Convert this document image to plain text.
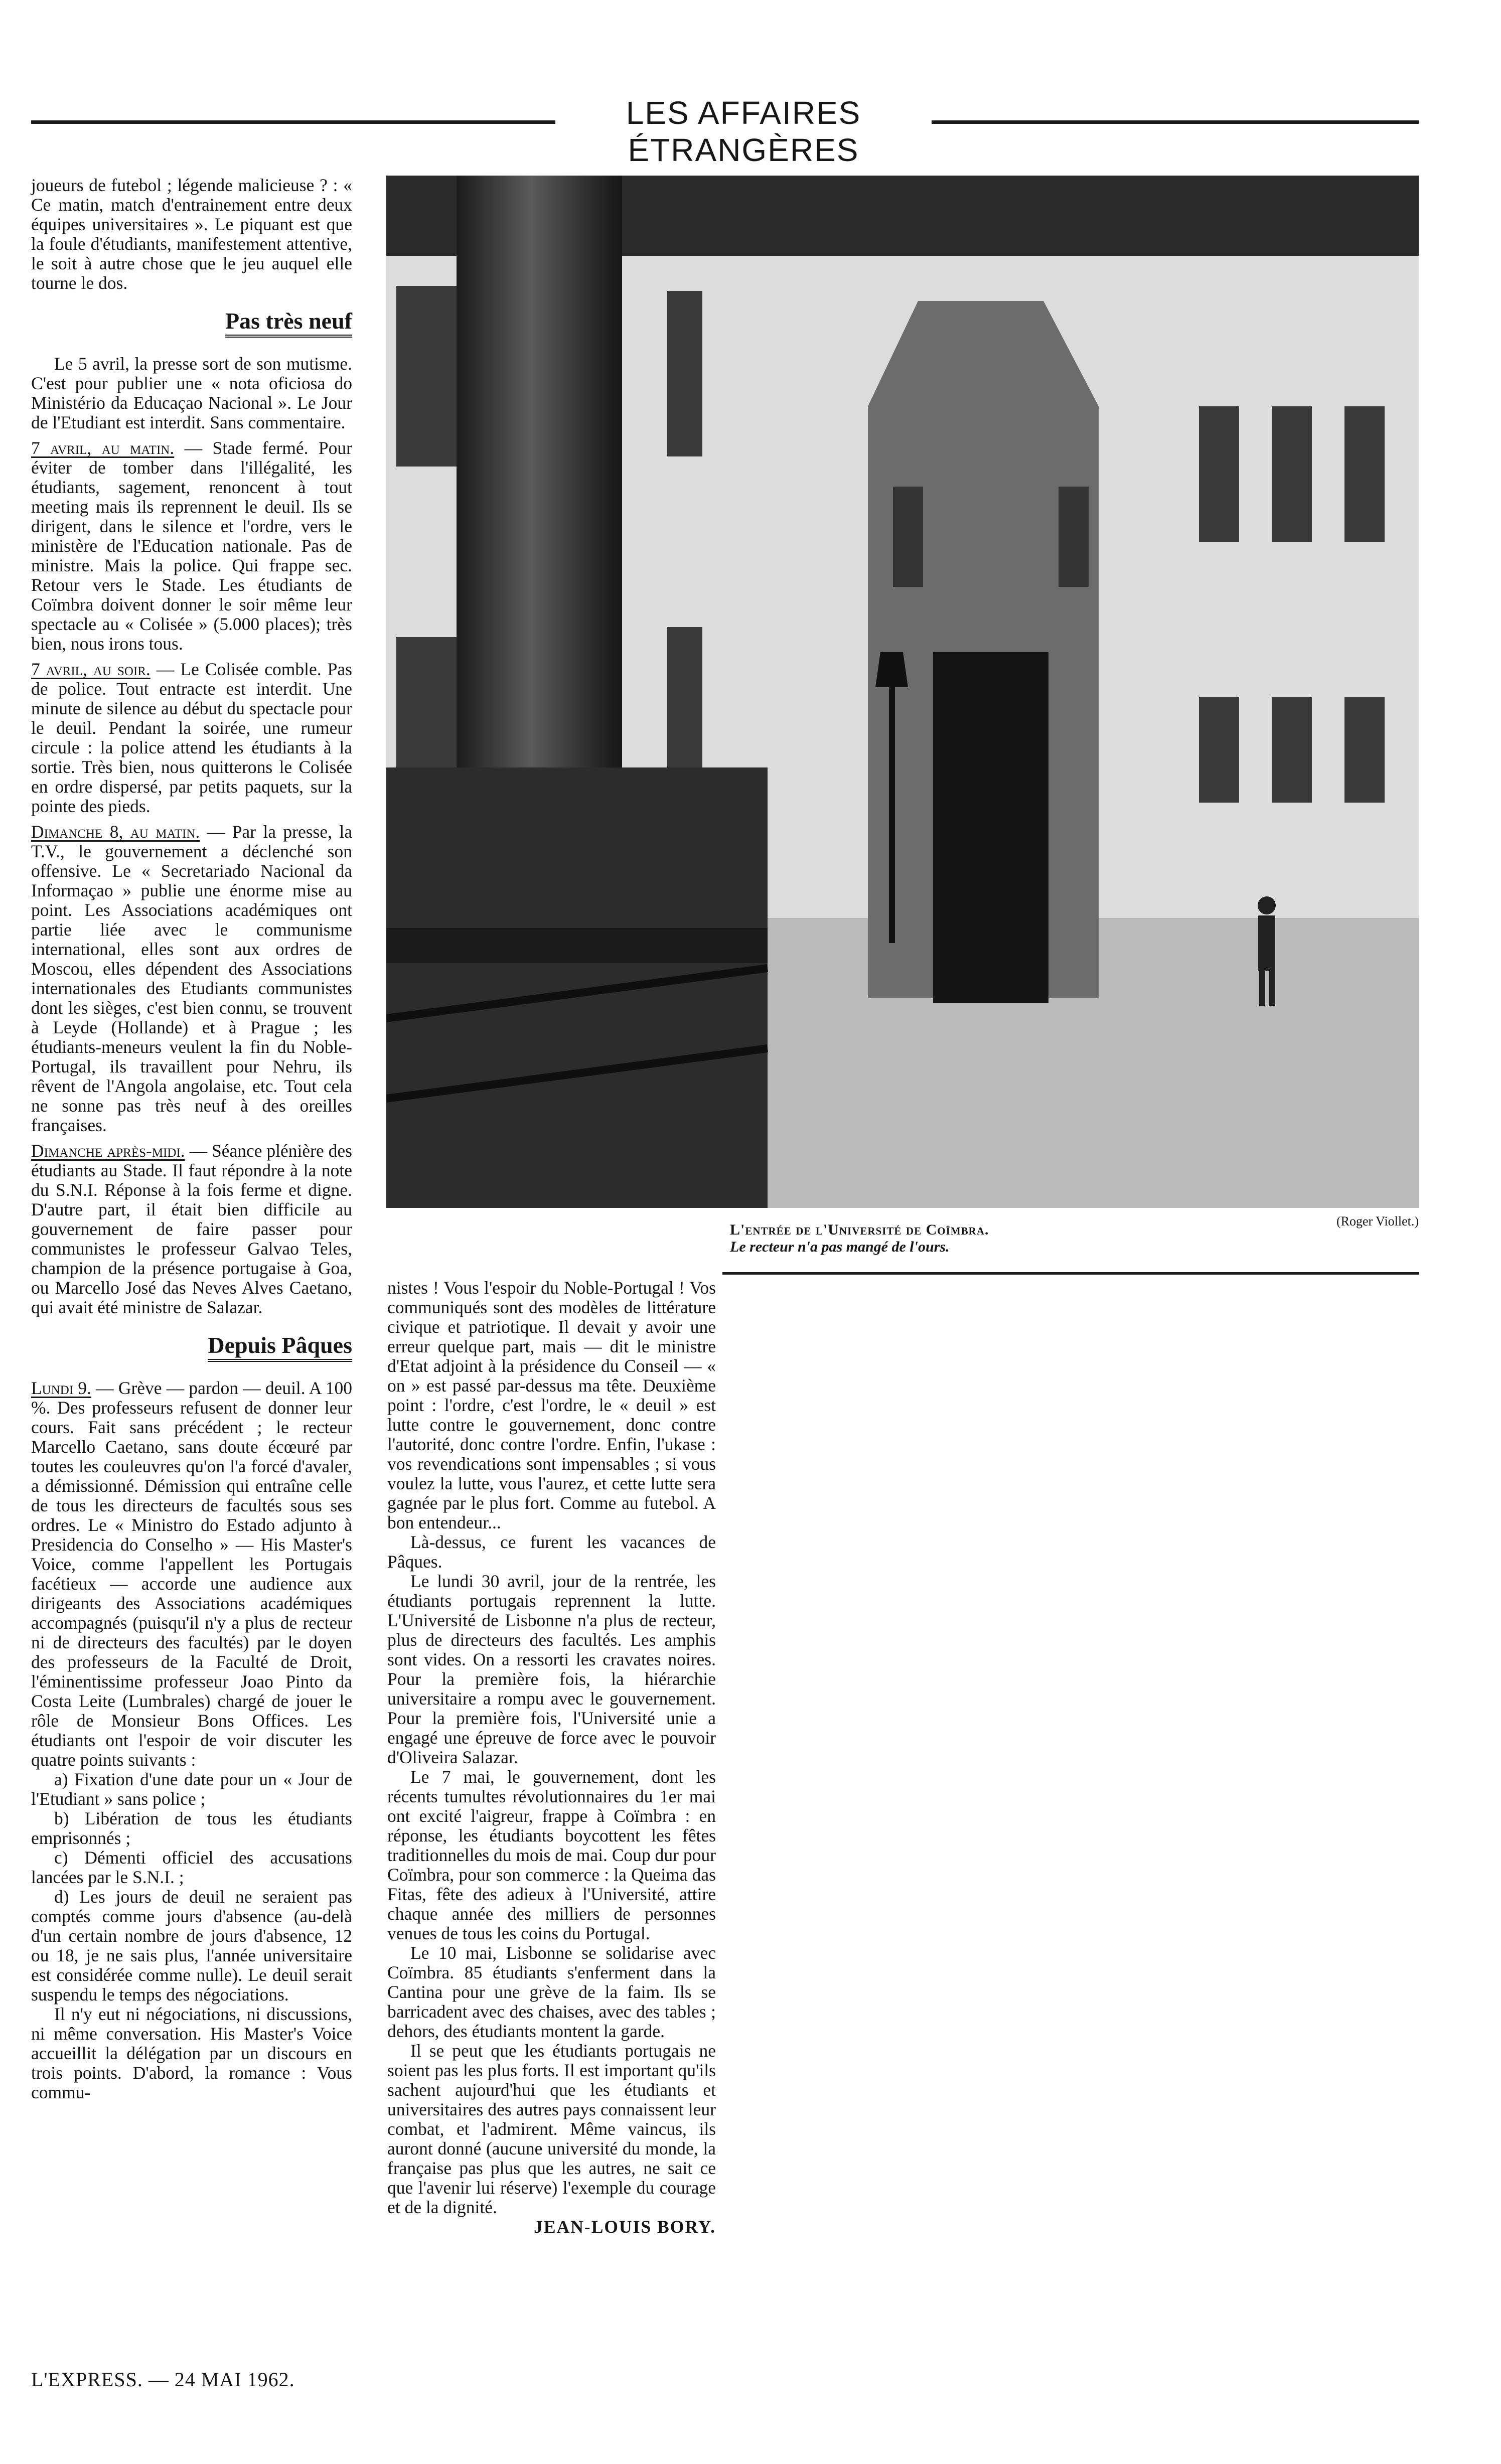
LES AFFAIRES ÉTRANGÈRES

joueurs de futebol ; légende malicieuse ? : « Ce matin, match d'entrainement entre deux équipes universitaires ». Le piquant est que la foule d'étudiants, manifestement attentive, le soit à autre chose que le jeu auquel elle tourne le dos.

Pas très neuf

Le 5 avril, la presse sort de son mutisme. C'est pour publier une « nota oficiosa do Ministério da Educaçao Nacional ». Le Jour de l'Etudiant est interdit. Sans commentaire.

7 avril, au matin. — Stade fermé. Pour éviter de tomber dans l'illégalité, les étudiants, sagement, renoncent à tout meeting mais ils reprennent le deuil. Ils se dirigent, dans le silence et l'ordre, vers le ministère de l'Education nationale. Pas de ministre. Mais la police. Qui frappe sec. Retour vers le Stade. Les étudiants de Coïmbra doivent donner le soir même leur spectacle au « Colisée » (5.000 places); très bien, nous irons tous.

7 avril, au soir. — Le Colisée comble. Pas de police. Tout entracte est interdit. Une minute de silence au début du spectacle pour le deuil. Pendant la soirée, une rumeur circule : la police attend les étudiants à la sortie. Très bien, nous quitterons le Colisée en ordre dispersé, par petits paquets, sur la pointe des pieds.

Dimanche 8, au matin. — Par la presse, la T.V., le gouvernement a déclenché son offensive. Le « Secretariado Nacional da Informaçao » publie une énorme mise au point. Les Associations académiques ont partie liée avec le communisme international, elles sont aux ordres de Moscou, elles dépendent des Associations internationales des Etudiants communistes dont les sièges, c'est bien connu, se trouvent à Leyde (Hollande) et à Prague ; les étudiants-meneurs veulent la fin du Noble-Portugal, ils travaillent pour Nehru, ils rêvent de l'Angola angolaise, etc. Tout cela ne sonne pas très neuf à des oreilles françaises.

Dimanche après-midi. — Séance plénière des étudiants au Stade. Il faut répondre à la note du S.N.I. Réponse à la fois ferme et digne. D'autre part, il était bien difficile au gouvernement de faire passer pour communistes le professeur Galvao Teles, champion de la présence portugaise à Goa, ou Marcello José das Neves Alves Caetano, qui avait été ministre de Salazar.

Depuis Pâques

Lundi 9. — Grève — pardon — deuil. A 100 %. Des professeurs refusent de donner leur cours. Fait sans précédent ; le recteur Marcello Caetano, sans doute écœuré par toutes les couleuvres qu'on l'a forcé d'avaler, a démissionné. Démission qui entraîne celle de tous les directeurs de facultés sous ses ordres. Le « Ministro do Estado adjunto à Presidencia do Conselho » — His Master's Voice, comme l'appellent les Portugais facétieux — accorde une audience aux dirigeants des Associations académiques accompagnés (puisqu'il n'y a plus de recteur ni de directeurs des facultés) par le doyen des professeurs de la Faculté de Droit, l'éminentissime professeur Joao Pinto da Costa Leite (Lumbrales) chargé de jouer le rôle de Monsieur Bons Offices. Les étudiants ont l'espoir de voir discuter les quatre points suivants :

a) Fixation d'une date pour un « Jour de l'Etudiant » sans police ;

b) Libération de tous les étudiants emprisonnés ;

c) Démenti officiel des accusations lancées par le S.N.I. ;

d) Les jours de deuil ne seraient pas comptés comme jours d'absence (au-delà d'un certain nombre de jours d'absence, 12 ou 18, je ne sais plus, l'année universitaire est considérée comme nulle). Le deuil serait suspendu le temps des négociations.

Il n'y eut ni négociations, ni discussions, ni même conversation. His Master's Voice accueillit la délégation par un discours en trois points. D'abord, la romance : Vous commu-

(Roger Viollet.)
L'entrée de l'Université de Coïmbra.
Le recteur n'a pas mangé de l'ours.

nistes ! Vous l'espoir du Noble-Portugal ! Vos communiqués sont des modèles de littérature civique et patriotique. Il devait y avoir une erreur quelque part, mais — dit le ministre d'Etat adjoint à la présidence du Conseil — « on » est passé par-dessus ma tête. Deuxième point : l'ordre, c'est l'ordre, le « deuil » est lutte contre le gouvernement, donc contre l'autorité, donc contre l'ordre. Enfin, l'ukase : vos revendications sont impensables ; si vous voulez la lutte, vous l'aurez, et cette lutte sera gagnée par le plus fort. Comme au futebol. A bon entendeur...

Là-dessus, ce furent les vacances de Pâques.

Le lundi 30 avril, jour de la rentrée, les étudiants portugais reprennent la lutte. L'Université de Lisbonne n'a plus de recteur, plus de directeurs des facultés. Les amphis sont vides. On a ressorti les cravates noires. Pour la première fois, la hiérarchie universitaire a rompu avec le gouvernement. Pour la première fois, l'Université unie a engagé une épreuve de force avec le pouvoir d'Oliveira Salazar.

Le 7 mai, le gouvernement, dont les récents tumultes révolutionnaires du 1er mai ont excité l'aigreur, frappe à Coïmbra : en réponse, les étudiants boycottent les fêtes traditionnelles du mois de mai. Coup dur pour Coïmbra, pour son commerce : la Queima das Fitas, fête des adieux à l'Université, attire chaque année des milliers de personnes venues de tous les coins du Portugal.

Le 10 mai, Lisbonne se solidarise avec Coïmbra. 85 étudiants s'enferment dans la Cantina pour une grève de la faim. Ils se barricadent avec des chaises, avec des tables ; dehors, des étudiants montent la garde.

Il se peut que les étudiants portugais ne soient pas les plus forts. Il est important qu'ils sachent aujourd'hui que les étudiants et universitaires des autres pays connaissent leur combat, et l'admirent. Même vaincus, ils auront donné (aucune université du monde, la française pas plus que les autres, ne sait ce que l'avenir lui réserve) l'exemple du courage et de la dignité.

JEAN-LOUIS BORY.

L'EXPRESS. — 24 MAI 1962.
